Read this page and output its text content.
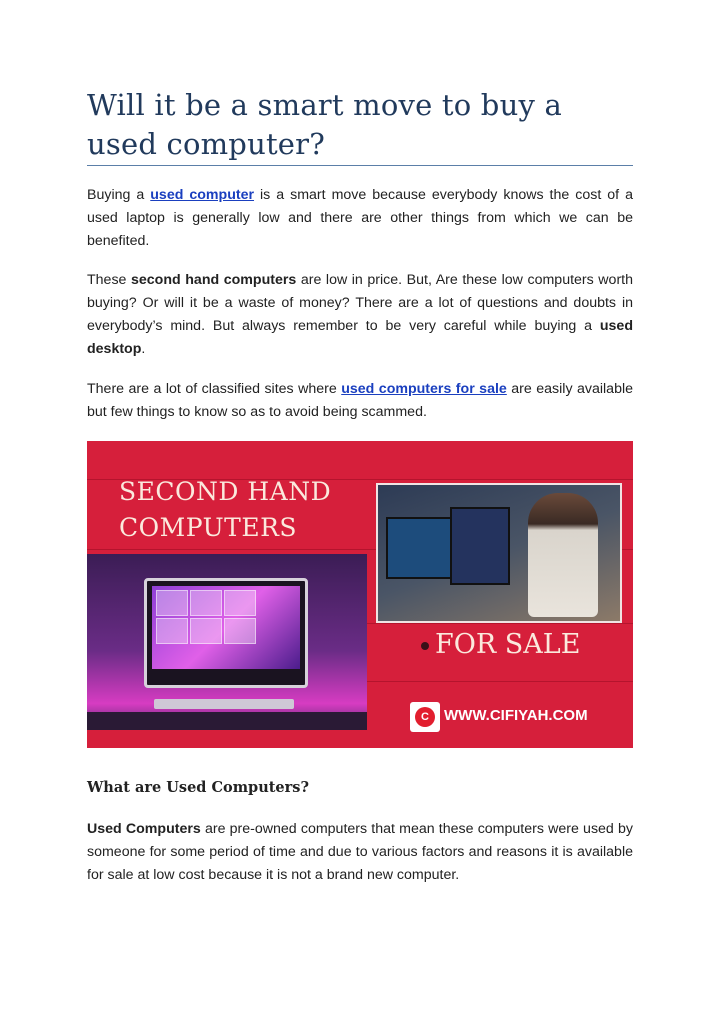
Will it be a smart move to buy a used computer?

Buying a used computer is a smart move because everybody knows the cost of a used laptop is generally low and there are other things from which we can be benefited.

These second hand computers are low in price. But, Are these low computers worth buying? Or will it be a waste of money? There are a lot of questions and doubts in everybody’s mind. But always remember to be very careful while buying a used desktop.

There are a lot of classified sites where used computers for sale are easily available but few things to know so as to avoid being scammed.

SECOND HAND
COMPUTERS
FOR SALE
C	WWW.CIFIYAH.COM
What are Used Computers?

Used Computers are pre-owned computers that mean these computers were used by someone for some period of time and due to various factors and reasons it is available for sale at low cost because it is not a brand new computer.
